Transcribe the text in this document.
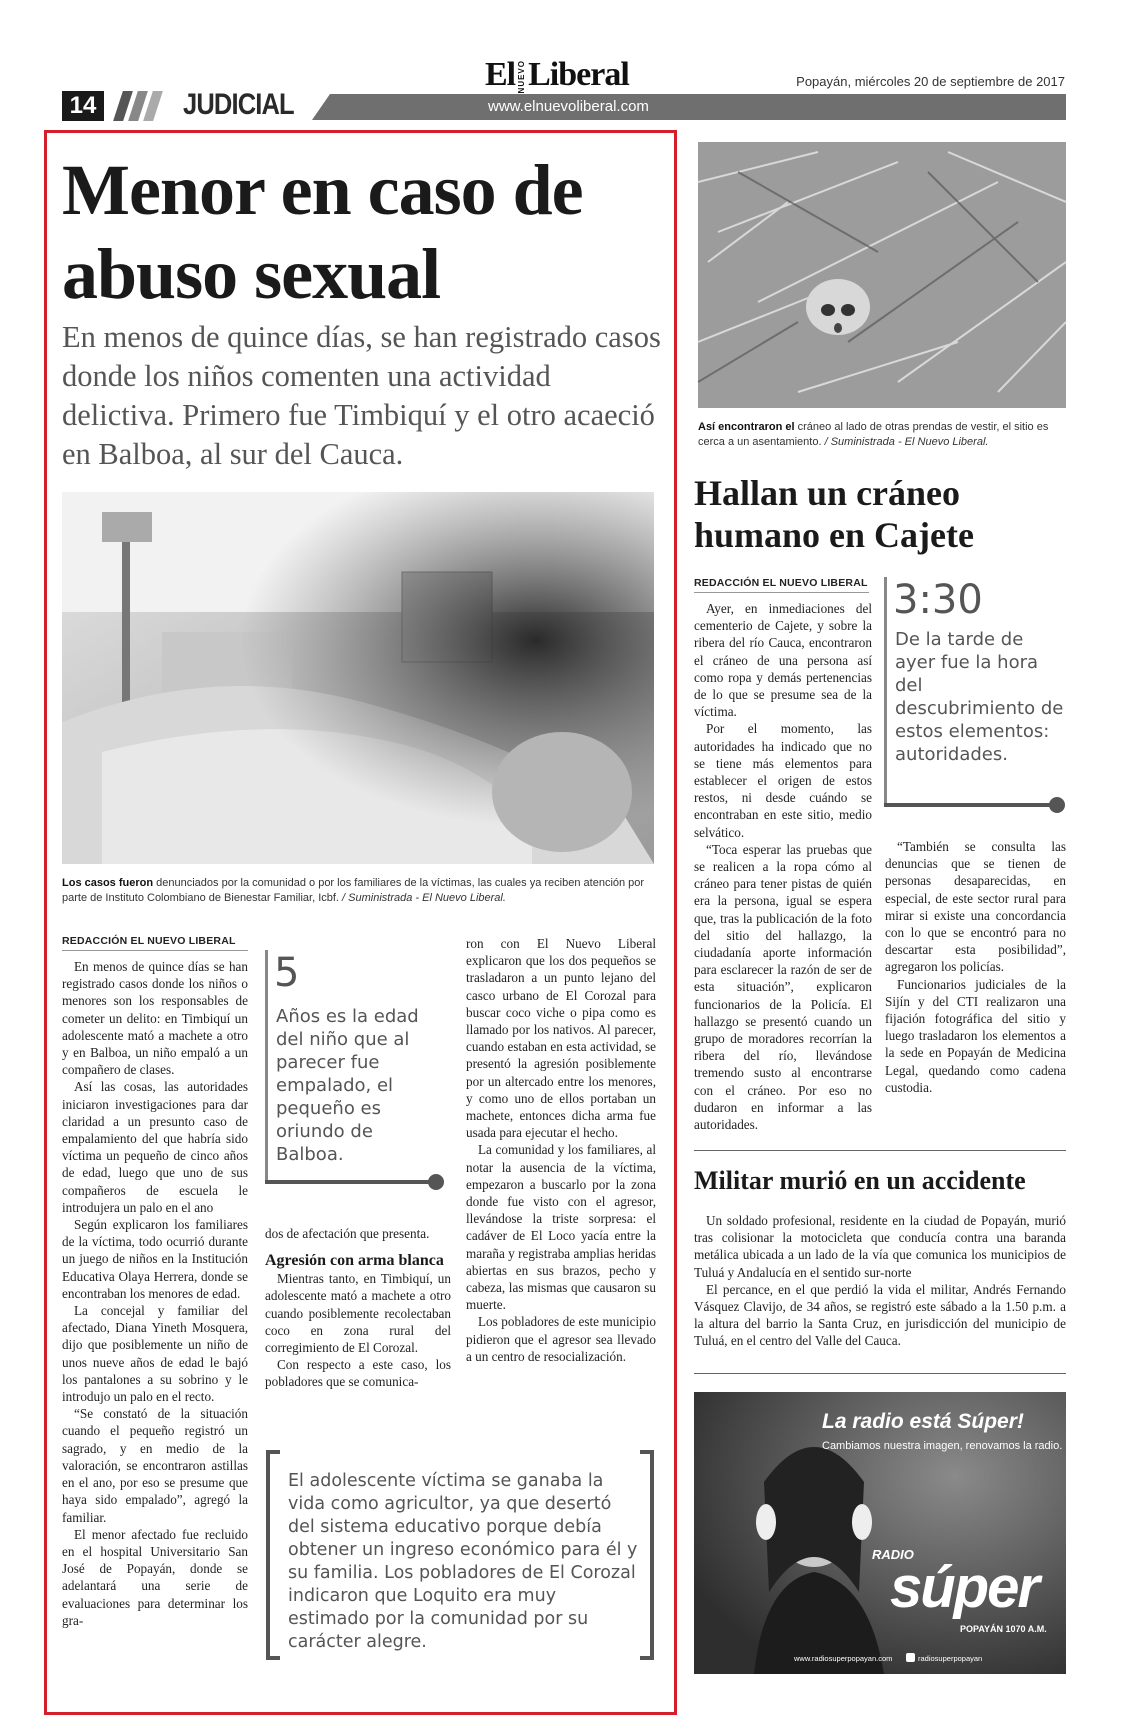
14	JUDICIAL	www.elnuevoliberal.com
El NUEVOLiberal	Popayán, miércoles 20 de septiembre de 2017
Menor en caso de abuso sexual
En menos de quince días, se han registrado casos donde los niños comenten una actividad delictiva. Primero fue Timbiquí y el otro acaeció en Balboa, al sur del Cauca.
Los casos fueron denunciados por la comunidad o por los familiares de la víctimas, las cuales ya reciben atención por parte de Instituto Colombiano de Bienestar Familiar, Icbf. / Suministrada - El Nuevo Liberal.
REDACCIÓN EL NUEVO LIBERAL

En menos de quince días se han registrado casos donde los niños o menores son los responsables de cometer un delito: en Timbiquí un adolescente mató a machete a otro y en Balboa, un niño empaló a un compañero de clases.

Así las cosas, las autoridades iniciaron investigaciones para dar claridad a un presunto caso de empalamiento del que habría sido víctima un pequeño de cinco años de edad, luego que uno de sus compañeros de escuela le introdujera un palo en el ano

Según explicaron los familiares de la víctima, todo ocurrió durante un juego de niños en la Institución Educativa Olaya Herrera, donde se encontraban los menores de edad.

La concejal y familiar del afectado, Diana Yineth Mosquera, dijo que posiblemente un niño de unos nueve años de edad le bajó los pantalones a su sobrino y le introdujo un palo en el recto.

“Se constató de la situación cuando el pequeño registró un sagrado, y en medio de la valoración, se encontraron astillas en el ano, por eso se presume que haya sido empalado”, agregó la familiar.

El menor afectado fue recluido en el hospital Universitario San José de Popayán, donde se adelantará una serie de evaluaciones para determinar los gra-

5
Años es la edad del niño que al parecer fue empalado, el pequeño es oriundo de Balboa.

dos de afectación que presenta.

Agresión con arma blanca

Mientras tanto, en Timbiquí, un adolescente mató a machete a otro cuando posiblemente recolectaban coco en zona rural del corregimiento de El Corozal.

Con respecto a este caso, los pobladores que se comunica-

ron con El Nuevo Liberal explicaron que los dos pequeños se trasladaron a un punto lejano del casco urbano de El Corozal para buscar coco viche o pipa como es llamado por los nativos. Al parecer, cuando estaban en esta actividad, se presentó la agresión posiblemente por un altercado entre los menores, y como uno de ellos portaban un machete, entonces dicha arma fue usada para ejecutar el hecho.

La comunidad y los familiares, al notar la ausencia de la víctima, empezaron a buscarlo por la zona donde fue visto con el agresor, llevándose la triste sorpresa: el cadáver de El Loco yacía entre la maraña y registraba amplias heridas abiertas en sus brazos, pecho y cabeza, las mismas que causaron su muerte.

Los pobladores de este municipio pidieron que el agresor sea llevado a un centro de resocialización.

El adolescente víctima se ganaba la vida como agricultor, ya que desertó del sistema educativo porque debía obtener un ingreso económico para él y su familia. Los pobladores de El Corozal indicaron que Loquito era muy estimado por la comunidad por su carácter alegre.
Así encontraron el cráneo al lado de otras prendas de vestir, el sitio es cerca a un asentamiento. / Suministrada - El Nuevo Liberal.
Hallan un cráneo humano en Cajete
REDACCIÓN EL NUEVO LIBERAL

Ayer, en inmediaciones del cementerio de Cajete, y sobre la ribera del río Cauca, encontraron el cráneo de una persona así como ropa y demás pertenencias de lo que se presume sea de la víctima.

Por el momento, las autoridades ha indicado que no se tiene más elementos para establecer el origen de estos restos, ni desde cuándo se encontraban en este sitio, medio selvático.

“Toca esperar las pruebas que se realicen a la ropa cómo al cráneo para tener pistas de quién era la persona, igual se espera que, tras la publicación de la foto del sitio del hallazgo, la ciudadanía aporte información para esclarecer la razón de ser de esta situación”, explicaron funcionarios de la Policía. El hallazgo se presentó cuando un grupo de moradores recorrían la ribera del río, llevándose tremendo susto al encontrarse con el cráneo. Por eso no dudaron en informar a las autoridades.

3:30
De la tarde de ayer fue la hora del descubrimiento de estos elementos: autoridades.

“También se consulta las denuncias que se tienen de personas desaparecidas, en especial, de este sector rural para mirar si existe una concordancia con lo que se encontró para no descartar esta posibilidad”, agregaron los policías.

Funcionarios judiciales de la Sijín y del CTI realizaron una fijación fotográfica del sitio y luego trasladaron los elementos a la sede en Popayán de Medicina Legal, quedando como cadena custodia.

Militar murió en un accidente

Un soldado profesional, residente en la ciudad de Popayán, murió tras colisionar la motocicleta que conducía contra una baranda metálica ubicada a un lado de la vía que comunica los municipios de Tuluá y Andalucía en el sentido sur-norte

El percance, en el que perdió la vida el militar, Andrés Fernando Vásquez Clavijo, de 34 años, se registró este sábado a la 1.50 p.m. a la altura del barrio la Santa Cruz, en jurisdicción del municipio de Tuluá, en el centro del Valle del Cauca.

La radio está Súper!
Cambiamos nuestra imagen, renovamos la radio.
RADIO
súper
POPAYÁN 1070 A.M.
www.radiosuperpopayan.com	radiosuperpopayan
